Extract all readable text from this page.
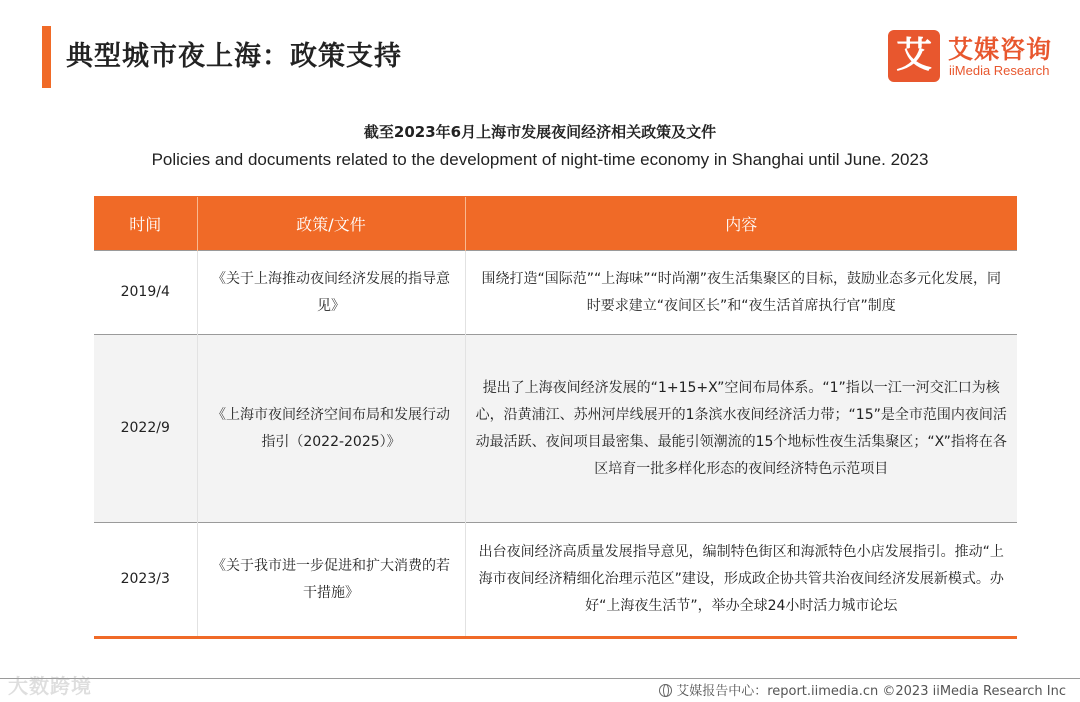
典型城市夜上海：政策支持	艾 艾媒咨询
iiMedia Research
截至2023年6月上海市发展夜间经济相关政策及文件
Policies and documents related to the development of night-time economy in Shanghai until June. 2023
时间	政策/文件	内容
2019/4	《关于上海推动夜间经济发展的指导意见》	围绕打造“国际范”“上海味”“时尚潮”夜生活集聚区的目标，鼓励业态多元化发展，同时要求建立“夜间区长”和“夜生活首席执行官”制度
2022/9	《上海市夜间经济空间布局和发展行动指引（2022-2025）》	提出了上海夜间经济发展的“1+15+X”空间布局体系。“1”指以一江一河交汇口为核心，沿黄浦江、苏州河岸线展开的1条滨水夜间经济活力带；“15”是全市范围内夜间活动最活跃、夜间项目最密集、最能引领潮流的15个地标性夜生活集聚区；“X”指将在各区培育一批多样化形态的夜间经济特色示范项目
2023/3	《关于我市进一步促进和扩大消费的若干措施》	出台夜间经济高质量发展指导意见，编制特色街区和海派特色小店发展指引。推动“上海市夜间经济精细化治理示范区”建设，形成政企协共管共治夜间经济发展新模式。办好“上海夜生活节”，举办全球24小时活力城市论坛
大数跨境	艾媒报告中心：report.iimedia.cn ©2023 iiMedia Research Inc
